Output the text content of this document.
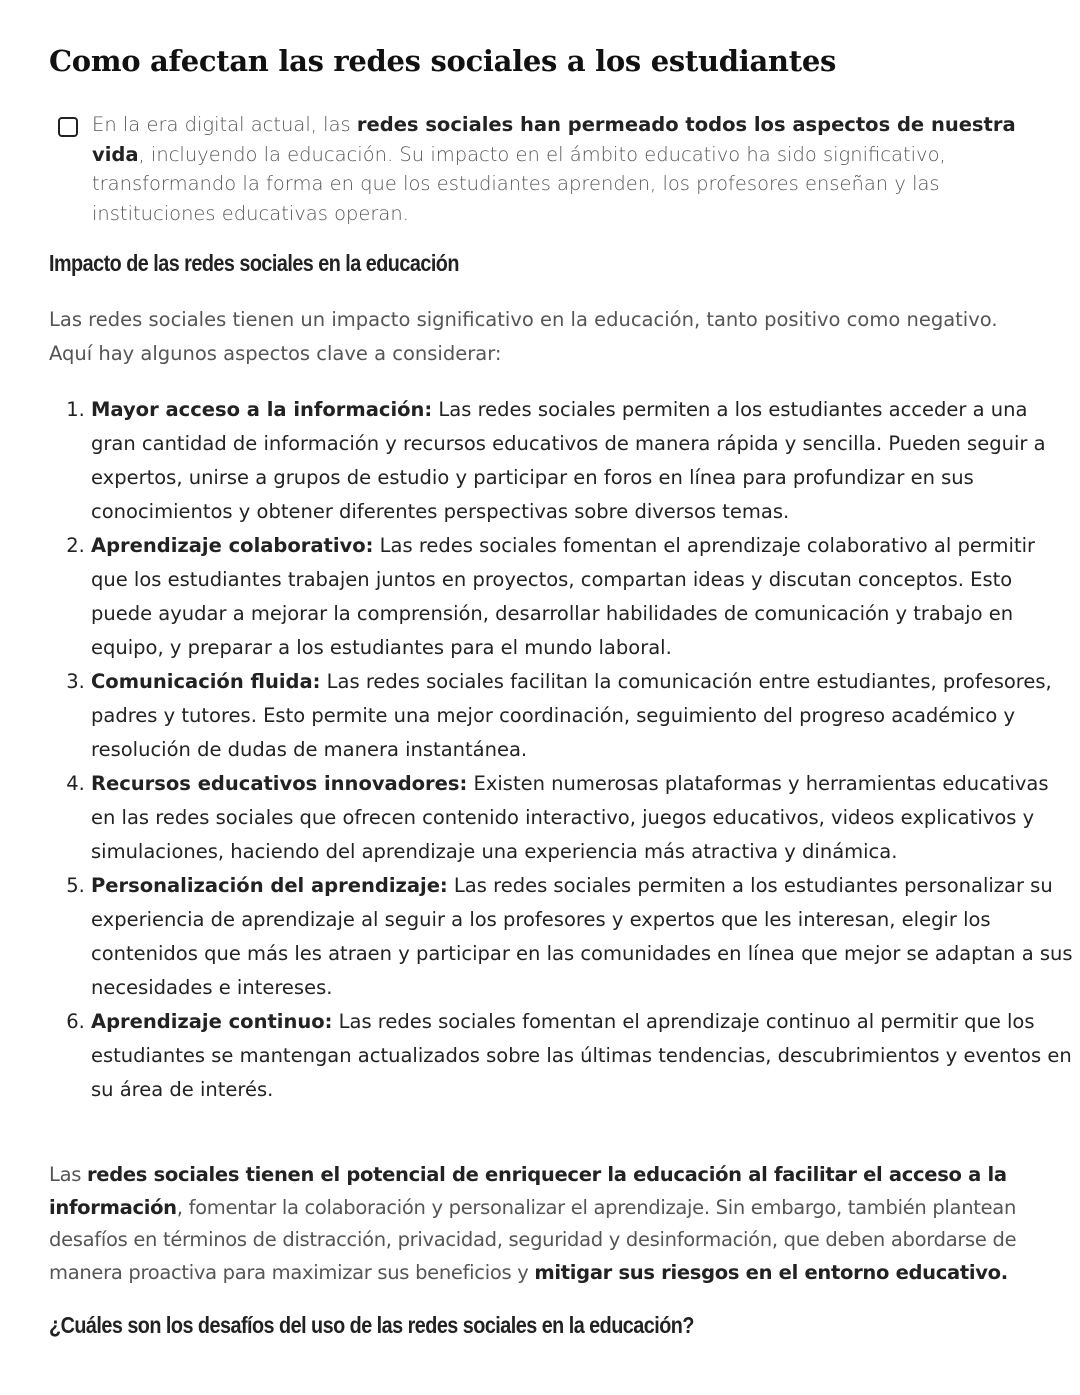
Como afectan las redes sociales a los estudiantes

En la era digital actual, las redes sociales han permeado todos los aspectos de nuestra vida, incluyendo la educación. Su impacto en el ámbito educativo ha sido significativo, transformando la forma en que los estudiantes aprenden, los profesores enseñan y las instituciones educativas operan.

Impacto de las redes sociales en la educación

Las redes sociales tienen un impacto significativo en la educación, tanto positivo como negativo. Aquí hay algunos aspectos clave a considerar:

1. Mayor acceso a la información: Las redes sociales permiten a los estudiantes acceder a una gran cantidad de información y recursos educativos de manera rápida y sencilla. Pueden seguir a expertos, unirse a grupos de estudio y participar en foros en línea para profundizar en sus conocimientos y obtener diferentes perspectivas sobre diversos temas.
2. Aprendizaje colaborativo: Las redes sociales fomentan el aprendizaje colaborativo al permitir que los estudiantes trabajen juntos en proyectos, compartan ideas y discutan conceptos. Esto puede ayudar a mejorar la comprensión, desarrollar habilidades de comunicación y trabajo en equipo, y preparar a los estudiantes para el mundo laboral.
3. Comunicación fluida: Las redes sociales facilitan la comunicación entre estudiantes, profesores, padres y tutores. Esto permite una mejor coordinación, seguimiento del progreso académico y resolución de dudas de manera instantánea.
4. Recursos educativos innovadores: Existen numerosas plataformas y herramientas educativas en las redes sociales que ofrecen contenido interactivo, juegos educativos, videos explicativos y simulaciones, haciendo del aprendizaje una experiencia más atractiva y dinámica.
5. Personalización del aprendizaje: Las redes sociales permiten a los estudiantes personalizar su experiencia de aprendizaje al seguir a los profesores y expertos que les interesan, elegir los contenidos que más les atraen y participar en las comunidades en línea que mejor se adaptan a sus necesidades e intereses.
6. Aprendizaje continuo: Las redes sociales fomentan el aprendizaje continuo al permitir que los estudiantes se mantengan actualizados sobre las últimas tendencias, descubrimientos y eventos en su área de interés.

Las redes sociales tienen el potencial de enriquecer la educación al facilitar el acceso a la información, fomentar la colaboración y personalizar el aprendizaje. Sin embargo, también plantean desafíos en términos de distracción, privacidad, seguridad y desinformación, que deben abordarse de manera proactiva para maximizar sus beneficios y mitigar sus riesgos en el entorno educativo.

¿Cuáles son los desafíos del uso de las redes sociales en la educación?
